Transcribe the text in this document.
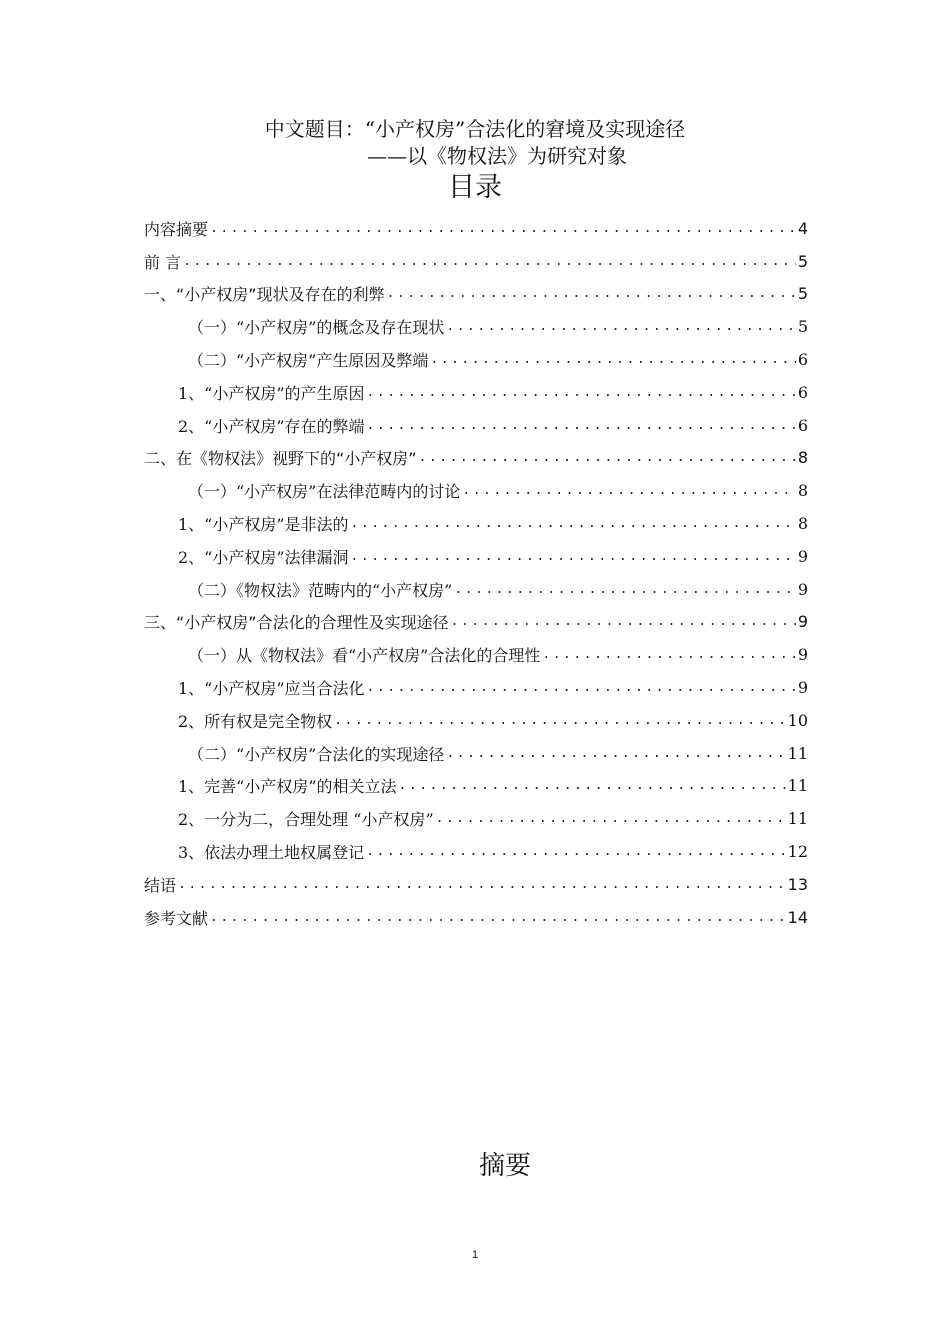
中文题目：“小产权房”合法化的窘境及实现途径
——以《物权法》为研究对象
目录
内容摘要 .....	4
前 言 .....	5
一、“小产权房”现状及存在的利弊 .....	5
（一）“小产权房”的概念及存在现状 .....	5
（二）“小产权房”产生原因及弊端 .....	6
1、“小产权房”的产生原因 .....	6
2、“小产权房”存在的弊端 .....	6
二、在《物权法》视野下的“小产权房” .....	8
（一）“小产权房”在法律范畴内的讨论 .....	8
1、“小产权房”是非法的 .....	8
2、“小产权房”法律漏洞 .....	9
（二）《物权法》范畴内的“小产权房” .....	9
三、“小产权房”合法化的合理性及实现途径 .....	9
（一）从《物权法》看“小产权房”合法化的合理性 .....	9
1、“小产权房”应当合法化 .....	9
2、所有权是完全物权 .....	10
（二）“小产权房”合法化的实现途径 .....	11
1、完善“小产权房”的相关立法 .....	11
2、一分为二，合理处理 “小产权房” .....	11
3、依法办理土地权属登记 .....	12
结语 .....	13
参考文献 .....	14
摘要
1
